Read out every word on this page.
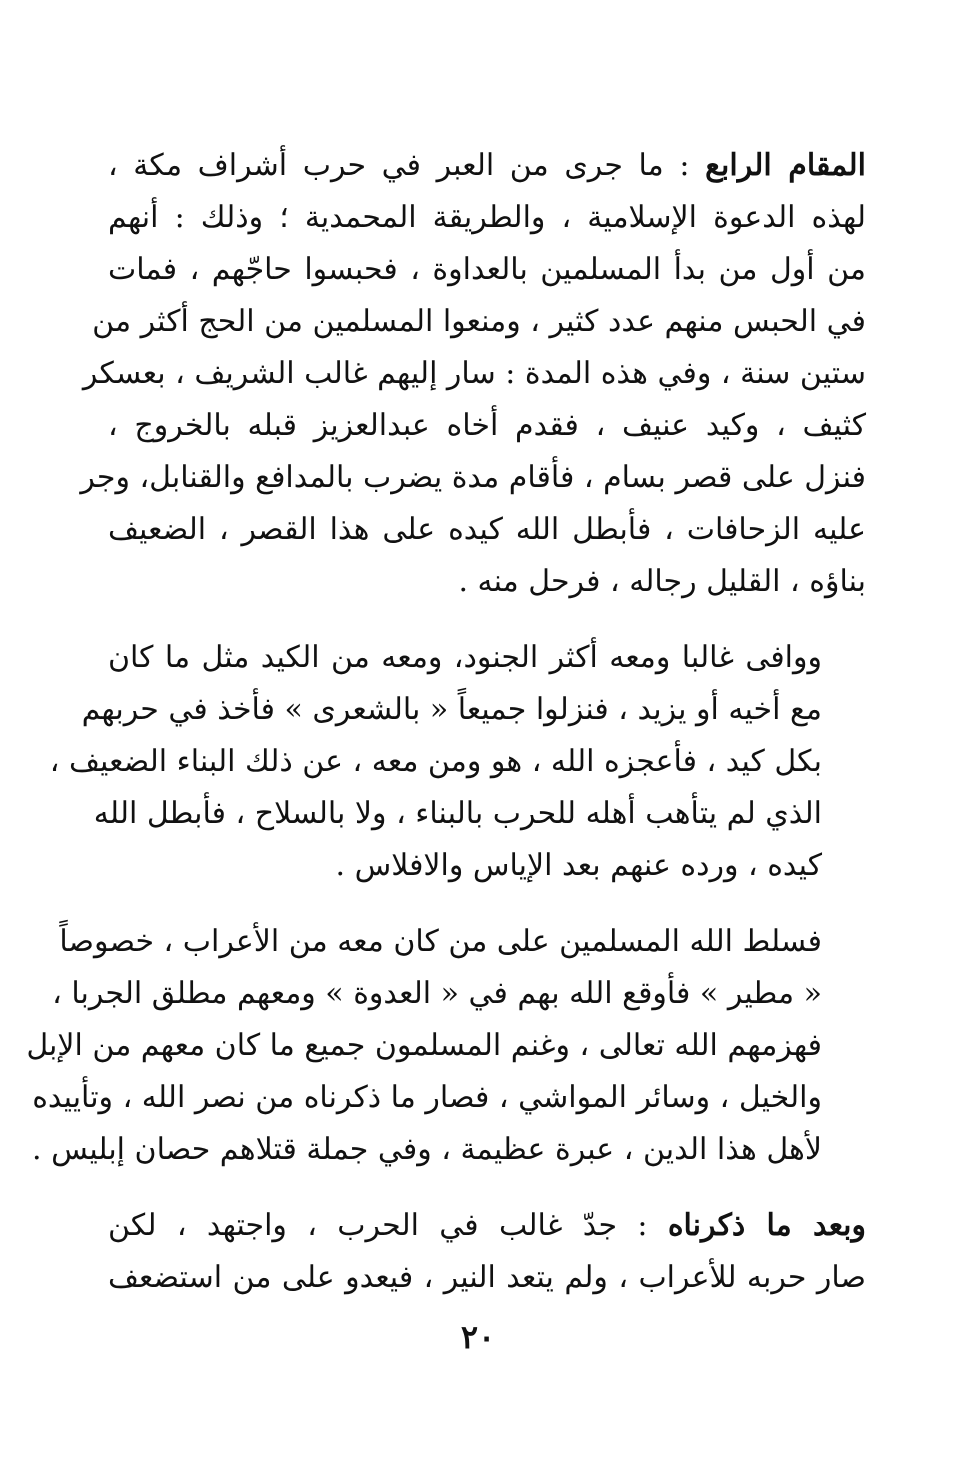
المقام الرابع : ما جرى من العبر في حرب أشراف مكة ،
لهذه الدعوة الإسلامية ، والطريقة المحمدية ؛ وذلك : أنهم
من أول من بدأ المسلمين بالعداوة ، فحبسوا حاجّهم ، فمات
في الحبس منهم عدد كثير ، ومنعوا المسلمين من الحج أكثر من
ستين سنة ، وفي هذه المدة : سار إليهم غالب الشريف ، بعسكر
كثيف ، وكيد عنيف ، فقدم أخاه عبدالعزيز قبله بالخروج ،
فنزل على قصر بسام ، فأقام مدة يضرب بالمدافع والقنابل، وجر
عليه الزحافات ، فأبطل الله كيده على هذا القصر ، الضعيف
بناؤه ، القليل رجاله ، فرحل منه .
ووافى غالبا ومعه أكثر الجنود، ومعه من الكيد مثل ما كان
مع أخيه أو يزيد ، فنزلوا جميعاً « بالشعرى » فأخذ في حربهم
بكل كيد ، فأعجزه الله ، هو ومن معه ، عن ذلك البناء الضعيف ،
الذي لم يتأهب أهله للحرب بالبناء ، ولا بالسلاح ، فأبطل الله
كيده ، ورده عنهم بعد الإياس والافلاس .
فسلط الله المسلمين على من كان معه من الأعراب ، خصوصاً
« مطير » فأوقع الله بهم في « العدوة » ومعهم مطلق الجربا ،
فهزمهم الله تعالى ، وغنم المسلمون جميع ما كان معهم من الإبل
والخيل ، وسائر المواشي ، فصار ما ذكرناه من نصر الله ، وتأييده
لأهل هذا الدين ، عبرة عظيمة ، وفي جملة قتلاهم حصان إبليس .
وبعد ما ذكرناه : جدّ غالب في الحرب ، واجتهد ، لكن
صار حربه للأعراب ، ولم يتعد النير ، فيعدو على من استضعف
٢٠
